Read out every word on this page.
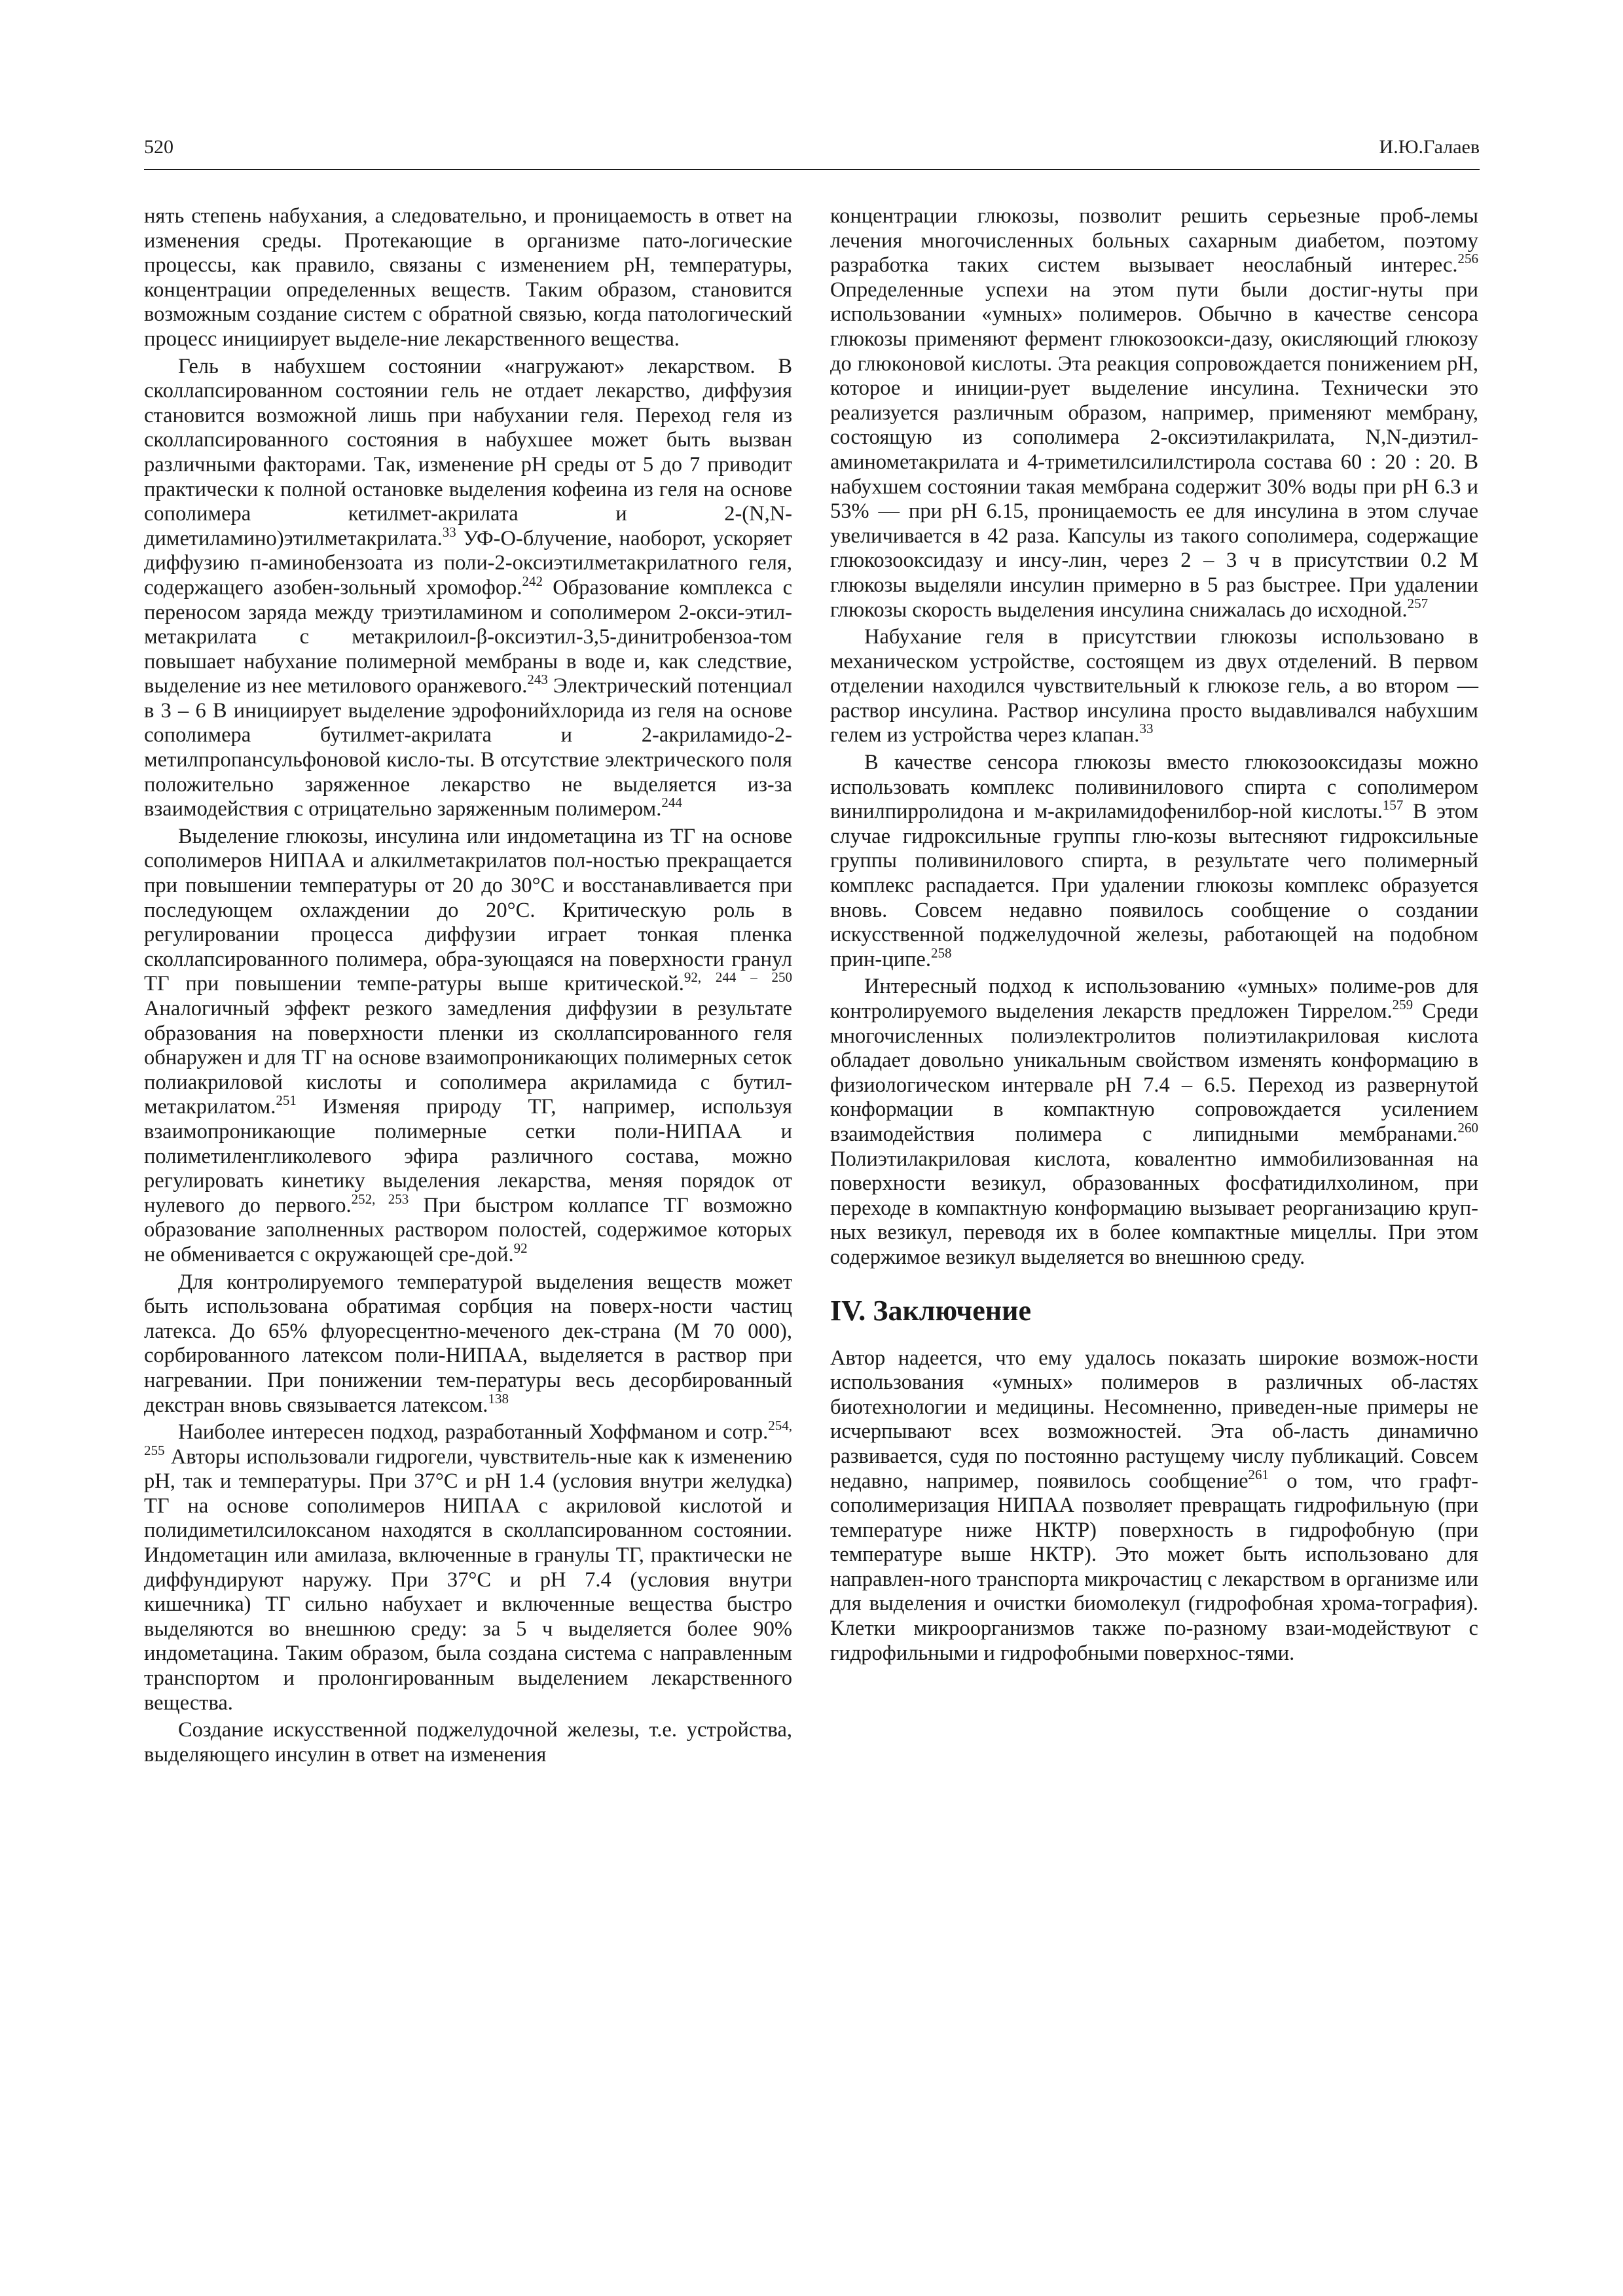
520	И.Ю.Галаев

нять степень набухания, а следовательно, и проницаемость в ответ на изменения среды. Протекающие в организме пато-логические процессы, как правило, связаны с изменением pH, температуры, концентрации определенных веществ. Таким образом, становится возможным создание систем с обратной связью, когда патологический процесс инициирует выделе-ние лекарственного вещества.

Гель в набухшем состоянии «нагружают» лекарством. В сколлапсированном состоянии гель не отдает лекарство, диффузия становится возможной лишь при набухании геля. Переход геля из сколлапсированного состояния в набухшее может быть вызван различными факторами. Так, изменение pH среды от 5 до 7 приводит практически к полной остановке выделения кофеина из геля на основе сополимера кетилмет-акрилата и 2-(N,N-диметиламино)этилметакрилата.$^{33}$ УФ-О-блучение, наоборот, ускоряет диффузию п-аминобензоата из поли-2-оксиэтилметакрилатного геля, содержащего азобен-зольный хромофор.$^{242}$ Образование комплекса с переносом заряда между триэтиламином и сополимером 2-окси-этил-метакрилата с метакрилоил-β-оксиэтил-3,5-динитробензоа-том повышает набухание полимерной мембраны в воде и, как следствие, выделение из нее метилового оранжевого.$^{243}$ Электрический потенциал в 3 – 6 В инициирует выделение эдрофонийхлорида из геля на основе сополимера бутилмет-акрилата и 2-акриламидо-2-метилпропансульфоновой кисло-ты. В отсутствие электрического поля положительно заряженное лекарство не выделяется из-за взаимодействия с отрицательно заряженным полимером.$^{244}$

Выделение глюкозы, инсулина или индометацина из ТГ на основе сополимеров НИПАА и алкилметакрилатов пол-ностью прекращается при повышении температуры от 20 до 30°C и восстанавливается при последующем охлаждении до 20°C. Критическую роль в регулировании процесса диффузии играет тонкая пленка сколлапсированного полимера, обра-зующаяся на поверхности гранул ТГ при повышении темпе-ратуры выше критической.$^{92, 244 - 250}$ Аналогичный эффект резкого замедления диффузии в результате образования на поверхности пленки из сколлапсированного геля обнаружен и для ТГ на основе взаимопроникающих полимерных сеток полиакриловой кислоты и сополимера акриламида с бутил-метакрилатом.$^{251}$ Изменяя природу ТГ, например, используя взаимопроникающие полимерные сетки поли-НИПАА и полиметиленгликолевого эфира различного состава, можно регулировать кинетику выделения лекарства, меняя порядок от нулевого до первого.$^{252, 253}$ При быстром коллапсе ТГ возможно образование заполненных раствором полостей, содержимое которых не обменивается с окружающей сре-дой.$^{92}$

Для контролируемого температурой выделения веществ может быть использована обратимая сорбция на поверх-ности частиц латекса. До 65% флуоресцентно-меченого дек-страна (M 70 000), сорбированного латексом поли-НИПАА, выделяется в раствор при нагревании. При понижении тем-пературы весь десорбированный декстран вновь связывается латексом.$^{138}$

Наиболее интересен подход, разработанный Хоффманом и сотр.$^{254, 255}$ Авторы использовали гидрогели, чувствитель-ные как к изменению pH, так и температуры. При 37°C и pH 1.4 (условия внутри желудка) ТГ на основе сополимеров НИПАА с акриловой кислотой и полидиметилсилоксаном находятся в сколлапсированном состоянии. Индометацин или амилаза, включенные в гранулы ТГ, практически не диффундируют наружу. При 37°C и pH 7.4 (условия внутри кишечника) ТГ сильно набухает и включенные вещества быстро выделяются во внешнюю среду: за 5 ч выделяется более 90% индометацина. Таким образом, была создана система с направленным транспортом и пролонгированным выделением лекарственного вещества.

Создание искусственной поджелудочной железы, т.е. устройства, выделяющего инсулин в ответ на изменения

концентрации глюкозы, позволит решить серьезные проб-лемы лечения многочисленных больных сахарным диабетом, поэтому разработка таких систем вызывает неослабный интерес.$^{256}$ Определенные успехи на этом пути были достиг-нуты при использовании «умных» полимеров. Обычно в качестве сенсора глюкозы применяют фермент глюкозоокси-дазу, окисляющий глюкозу до глюконовой кислоты. Эта реакция сопровождается понижением pH, которое и иниции-рует выделение инсулина. Технически это реализуется различным образом, например, применяют мембрану, состоящую из сополимера 2-оксиэтилакрилата, N,N-диэтил-аминометакрилата и 4-триметилсилилстирола состава 60 : 20 : 20. В набухшем состоянии такая мембрана содержит 30% воды при pH 6.3 и 53% — при pH 6.15, проницаемость ее для инсулина в этом случае увеличивается в 42 раза. Капсулы из такого сополимера, содержащие глюкозооксидазу и инсу-лин, через 2 – 3 ч в присутствии 0.2 M глюкозы выделяли инсулин примерно в 5 раз быстрее. При удалении глюкозы скорость выделения инсулина снижалась до исходной.$^{257}$

Набухание геля в присутствии глюкозы использовано в механическом устройстве, состоящем из двух отделений. В первом отделении находился чувствительный к глюкозе гель, а во втором — раствор инсулина. Раствор инсулина просто выдавливался набухшим гелем из устройства через клапан.$^{33}$

В качестве сенсора глюкозы вместо глюкозооксидазы можно использовать комплекс поливинилового спирта с сополимером винилпирролидона и м-акриламидофенилбор-ной кислоты.$^{157}$ В этом случае гидроксильные группы глю-козы вытесняют гидроксильные группы поливинилового спирта, в результате чего полимерный комплекс распадается. При удалении глюкозы комплекс образуется вновь. Совсем недавно появилось сообщение о создании искусственной поджелудочной железы, работающей на подобном прин-ципе.$^{258}$

Интересный подход к использованию «умных» полиме-ров для контролируемого выделения лекарств предложен Тиррелом.$^{259}$ Среди многочисленных полиэлектролитов полиэтилакриловая кислота обладает довольно уникальным свойством изменять конформацию в физиологическом интервале pH 7.4 – 6.5. Переход из развернутой конформации в компактную сопровождается усилением взаимодействия полимера с липидными мембранами.$^{260}$ Полиэтилакриловая кислота, ковалентно иммобилизованная на поверхности везикул, образованных фосфатидилхолином, при переходе в компактную конформацию вызывает реорганизацию круп-ных везикул, переводя их в более компактные мицеллы. При этом содержимое везикул выделяется во внешнюю среду.

IV. Заключение

Автор надеется, что ему удалось показать широкие возмож-ности использования «умных» полимеров в различных об-ластях биотехнологии и медицины. Несомненно, приведен-ные примеры не исчерпывают всех возможностей. Эта об-ласть динамично развивается, судя по постоянно растущему числу публикаций. Совсем недавно, например, появилось сообщение$^{261}$ о том, что графт-сополимеризация НИПАА позволяет превращать гидрофильную (при температуре ниже НКТР) поверхность в гидрофобную (при температуре выше НКТР). Это может быть использовано для направлен-ного транспорта микрочастиц с лекарством в организме или для выделения и очистки биомолекул (гидрофобная хрома-тография). Клетки микроорганизмов также по-разному взаи-модействуют с гидрофильными и гидрофобными поверхнос-тями.
